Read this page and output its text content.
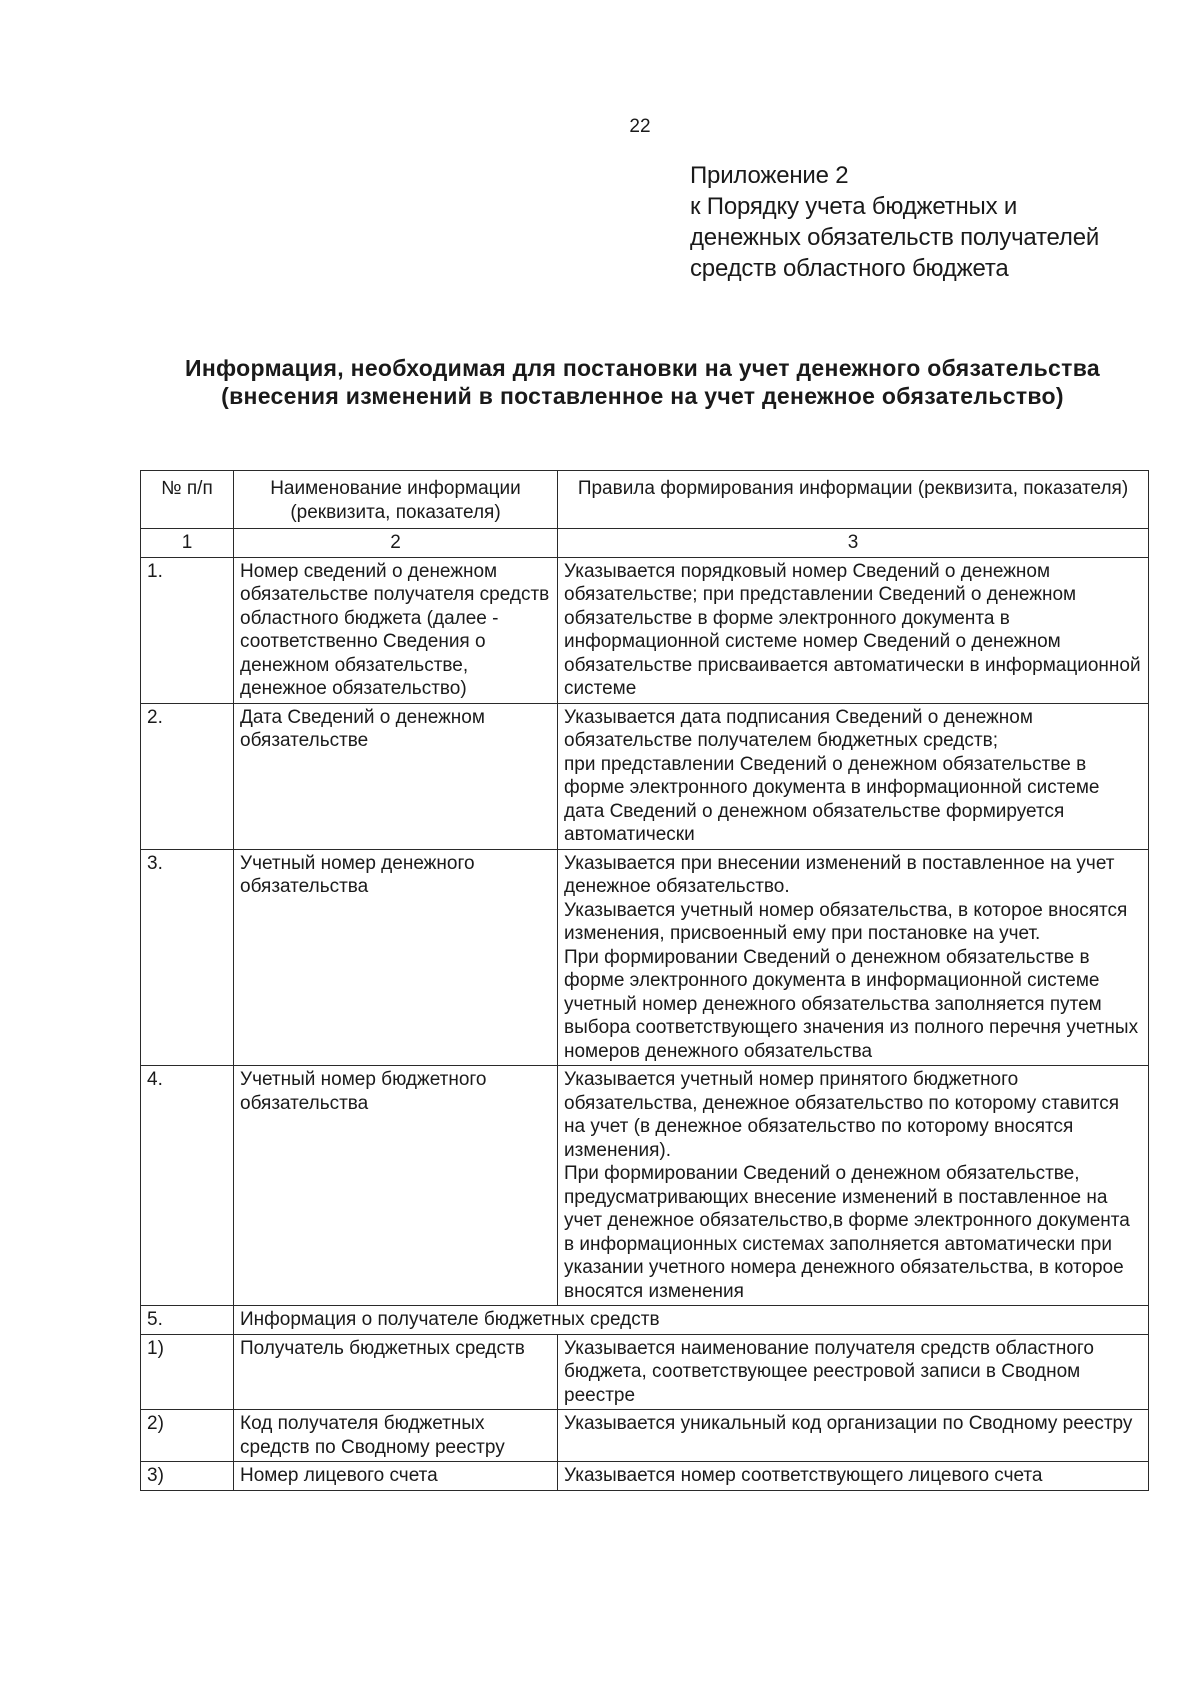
22
Приложение 2
к Порядку учета бюджетных и
денежных обязательств получателей
средств областного бюджета
Информация, необходимая для постановки на учет денежного обязательства
(внесения изменений в поставленное на учет денежное обязательство)
№ п/п	Наименование информации (реквизита, показателя)	Правила формирования информации (реквизита, показателя)
1	2	3
1.	Номер сведений о денежном обязательстве получателя средств областного бюджета (далее - соответственно Сведения о денежном обязательстве, денежное обязательство)	Указывается порядковый номер Сведений о денежном обязательстве; при представлении Сведений о денежном обязательстве в форме электронного документа в информационной системе номер Сведений о денежном обязательстве присваивается автоматически в информационной системе
2.	Дата Сведений о денежном обязательстве	Указывается дата подписания Сведений о денежном обязательстве получателем бюджетных средств;
при представлении Сведений о денежном обязательстве в форме электронного документа в информационной системе дата Сведений о денежном обязательстве формируется автоматически
3.	Учетный номер денежного обязательства	Указывается при внесении изменений в поставленное на учет денежное обязательство.
Указывается учетный номер обязательства, в которое вносятся изменения, присвоенный ему при постановке на учет.
При формировании Сведений о денежном обязательстве в форме электронного документа в информационной системе учетный номер денежного обязательства заполняется путем выбора соответствующего значения из полного перечня учетных номеров денежного обязательства
4.	Учетный номер бюджетного обязательства	Указывается учетный номер принятого бюджетного обязательства, денежное обязательство по которому ставится на учет (в денежное обязательство по которому вносятся изменения).
При формировании Сведений о денежном обязательстве, предусматривающих внесение изменений в поставленное на учет денежное обязательство,в форме электронного документа в информационных системах заполняется автоматически при указании учетного номера денежного обязательства, в которое вносятся изменения
5.	Информация о получателе бюджетных средств	
1)	Получатель бюджетных средств	Указывается наименование получателя средств областного бюджета, соответствующее реестровой записи в Сводном реестре
2)	Код получателя бюджетных средств по Сводному реестру	Указывается уникальный код организации по Сводному реестру
3)	Номер лицевого счета	Указывается номер соответствующего лицевого счета
